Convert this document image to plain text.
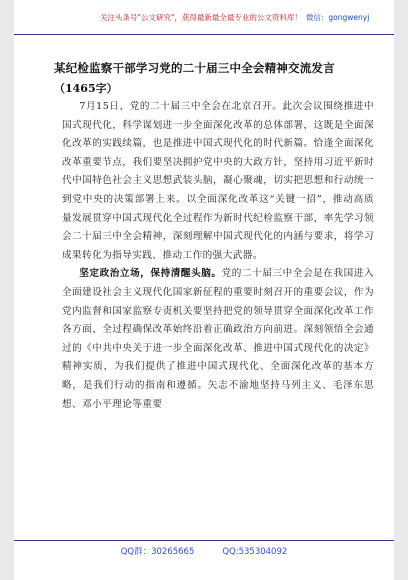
关注头条号"公文研究"，获得最新最全最专业的公文资料库！ 微信：gongwenyj
某纪检监察干部学习党的二十届三中全会精神交流发言
（1465字）

7月15日，党的二十届三中全会在北京召开。此次会议围绕推进中国式现代化，科学谋划进一步全面深化改革的总体部署，这既是全面深化改革的实践续篇，也是推进中国式现代化的时代新篇。恰逢全面深化改革重要节点，我们要坚决拥护党中央的大政方针，坚持用习近平新时代中国特色社会主义思想武装头脑，凝心聚魂，切实把思想和行动统一到党中央的决策部署上来。以全面深化改革这“关键一招”，推动高质量发展贯穿中国式现代化全过程作为新时代纪检监察干部，率先学习领会二十届三中全会精神，深刻理解中国式现代化的内涵与要求，将学习成果转化为指导实践、推动工作的强大武器。

坚定政治立场，保持清醒头脑。党的二十届三中全会是在我国进入全面建设社会主义现代化国家新征程的重要时刻召开的重要会议，作为党内监督和国家监察专责机关要坚持把党的领导贯穿全面深化改革工作各方面、全过程确保改革始终沿着正确政治方向前进。深刻领悟全会通过的《中共中央关于进一步全面深化改革、推进中国式现代化的决定》精神实质，为我们提供了推进中国式现代化、全面深化改革的基本方略，是我们行动的指南和遵循。矢志不渝地坚持马列主义、毛泽东思想、邓小平理论等重要

QQ群：30265665	QQ:535304092
